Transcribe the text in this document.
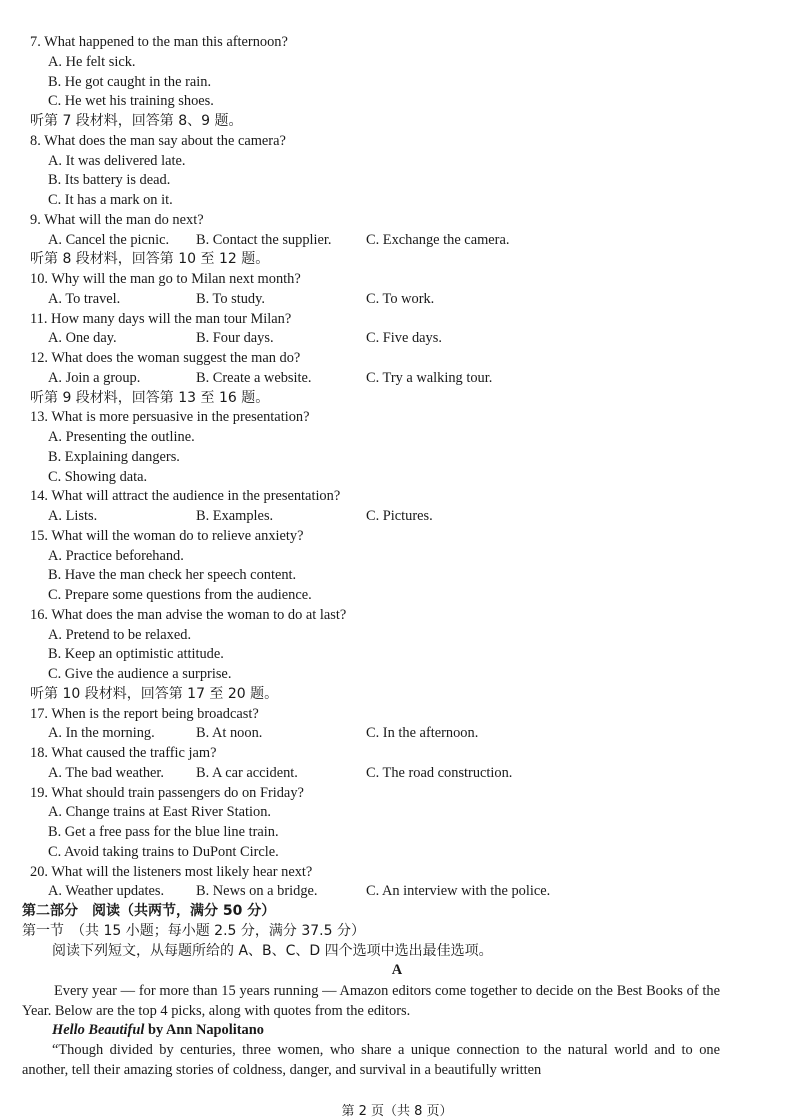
7. What happened to the man this afternoon?
A. He felt sick.
B. He got caught in the rain.
C. He wet his training shoes.
听第 7 段材料，回答第 8、9 题。
8. What does the man say about the camera?
A. It was delivered late.
B. Its battery is dead.
C. It has a mark on it.
9. What will the man do next?
A. Cancel the picnic. B. Contact the supplier. C. Exchange the camera.
听第 8 段材料，回答第 10 至 12 题。
10. Why will the man go to Milan next month?
A. To travel.	B. To study.	C. To work.
11. How many days will the man tour Milan?
A. One day.	B. Four days.	C. Five days.
12. What does the woman suggest the man do?
A. Join a group.	B. Create a website.	C. Try a walking tour.
听第 9 段材料，回答第 13 至 16 题。
13. What is more persuasive in the presentation?
A. Presenting the outline.
B. Explaining dangers.
C. Showing data.
14. What will attract the audience in the presentation?
A. Lists.	B. Examples.	C. Pictures.
15. What will the woman do to relieve anxiety?
A. Practice beforehand.
B. Have the man check her speech content.
C. Prepare some questions from the audience.
16. What does the man advise the woman to do at last?
A. Pretend to be relaxed.
B. Keep an optimistic attitude.
C. Give the audience a surprise.
听第 10 段材料，回答第 17 至 20 题。
17. When is the report being broadcast?
A. In the morning.	B. At noon.	C. In the afternoon.
18. What caused the traffic jam?
A. The bad weather. B. A car accident.	C. The road construction.
19. What should train passengers do on Friday?
A. Change trains at East River Station.
B. Get a free pass for the blue line train.
C. Avoid taking trains to DuPont Circle.
20. What will the listeners most likely hear next?
A. Weather updates. B. News on a bridge.	C. An interview with the police.
第二部分　阅读（共两节，满分 50 分）
第一节　（共 15 小题；每小题 2.5 分，满分 37.5 分）
阅读下列短文，从每题所给的 A、B、C、D 四个选项中选出最佳选项。
A
Every year — for more than 15 years running — Amazon editors come together to decide on the Best Books of the Year. Below are the top 4 picks, along with quotes from the editors.
Hello Beautiful by Ann Napolitano
“Though divided by centuries, three women, who share a unique connection to the natural world and to one another, tell their amazing stories of coldness, danger, and survival in a beautifully written
第 2 页（共 8 页）
